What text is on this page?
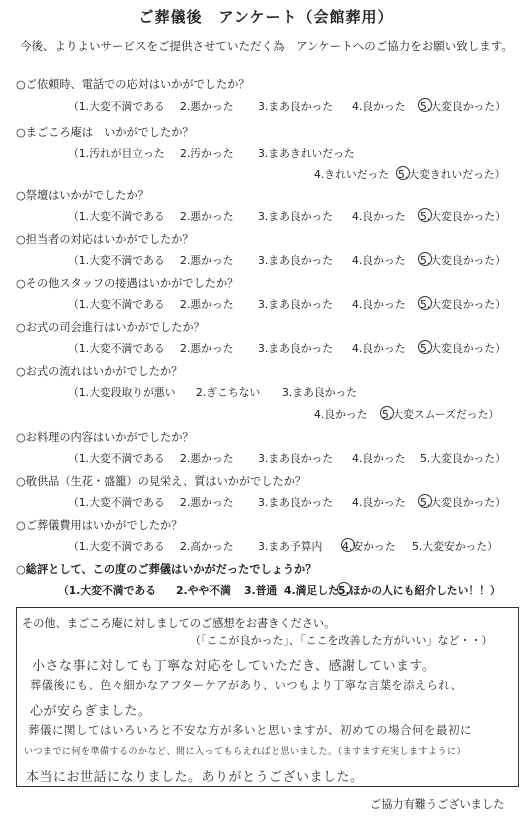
ご葬儀後　アンケート（会館葬用）
今後、よりよいサービスをご提供させていただく為　アンケートへのご協力をお願い致します。
○ご依頼時、電話での応対はいかがでしたか？
（1.大変不満である 2.悪かった 3.まあ良かった 4.良かった 5.大変良かった）
○まごころ庵は　いかがでしたか？
（1.汚れが目立った 2.汚かった 3.まあきれいだった
4.きれいだった 5.大変きれいだった）
○祭壇はいかがでしたか？
（1.大変不満である 2.悪かった 3.まあ良かった 4.良かった 5.大変良かった）
○担当者の対応はいかがでしたか？
（1.大変不満である 2.悪かった 3.まあ良かった 4.良かった 5.大変良かった）
○その他スタッフの接遇はいかがでしたか？
（1.大変不満である 2.悪かった 3.まあ良かった 4.良かった 5.大変良かった）
○お式の司会進行はいかがでしたか？
（1.大変不満である 2.悪かった 3.まあ良かった 4.良かった 5.大変良かった）
○お式の流れはいかがでしたか？
（1.大変段取りが悪い 2.ぎこちない 3.まあ良かった
4.良かった 5.大変スムーズだった）
○お料理の内容はいかがでしたか？
（1.大変不満である 2.悪かった 3.まあ良かった 4.良かった 5.大変良かった）
○敬供品（生花・盛籠）の見栄え、質はいかがでしたか？
（1.大変不満である 2.悪かった 3.まあ良かった 4.良かった 5.大変良かった）
○ご葬儀費用はいかがでしたか？
（1.大変不満である 2.高かった 3.まあ予算内 4.安かった 5.大変安かった）
○総評として、この度のご葬儀はいかがだったでしょうか？
（1.大変不満である 2.やや不満 3.普通 4.満足した 5.ほかの人にも紹介したい！！）
その他、まごころ庵に対しましてのご感想をお書きください。
（「ここが良かった」、「ここを改善した方がいい」など・・）
小さな事に対しても丁寧な対応をしていただき、感謝しています。
葬儀後にも、色々細かなアフターケアがあり、いつもより丁寧な言葉を添えられ、
心が安らぎました。
葬儀に関してはいろいろと不安な方が多いと思いますが、初めての場合何を最初に
いつまでに何を準備するのかなど、間に入ってもらえればと思いました。（ますます充実しますように）
本当にお世話になりました。ありがとうございました。
ご協力有難うございました
